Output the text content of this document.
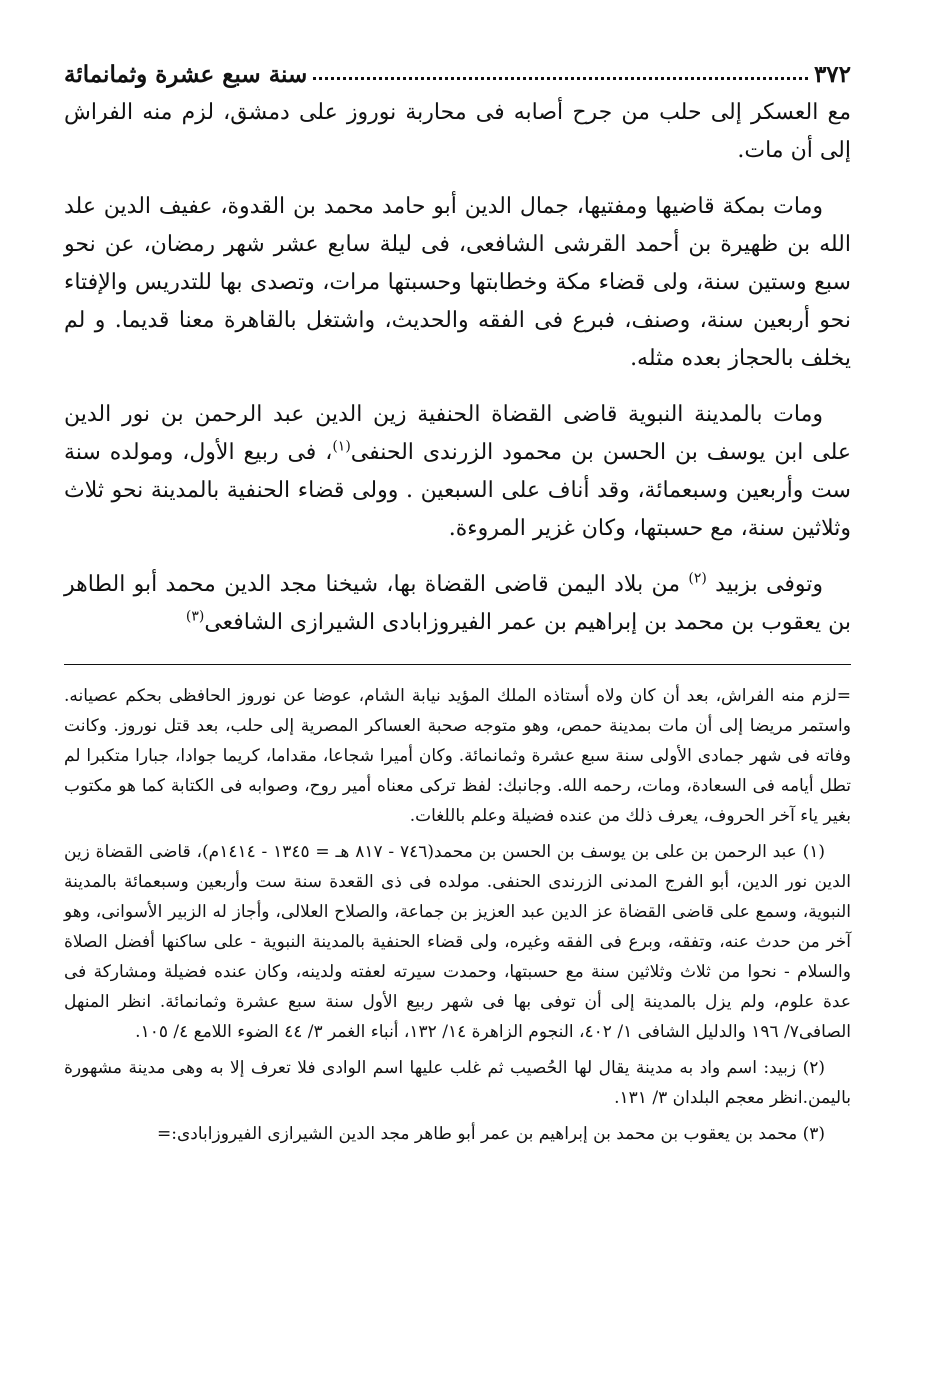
٣٧٢
سنة سبع عشرة وثمانمائة

مع العسكر إلى حلب من جرح أصابه فى محاربة نوروز على دمشق، لزم منه الفراش إلى أن مات.

ومات بمكة قاضيها ومفتيها، جمال الدين أبو حامد محمد بن القدوة، عفيف الدين علد الله بن ظهيرة بن أحمد القرشى الشافعى، فى ليلة سابع عشر شهر رمضان، عن نحو سبع وستين سنة، ولى قضاء مكة وخطابتها وحسبتها مرات، وتصدى بها للتدريس والإفتاء نحو أربعين سنة، وصنف، فبرع فى الفقه والحديث، واشتغل بالقاهرة معنا قديما. و لم يخلف بالحجاز بعده مثله.

ومات بالمدينة النبوية قاضى القضاة الحنفية زين الدين عبد الرحمن بن نور الدين على ابن يوسف بن الحسن بن محمود الزرندى الحنفى$^{(١)}$، فى ربيع الأول، ومولده سنة ست وأربعين وسبعمائة، وقد أناف على السبعين . وولى قضاء الحنفية بالمدينة نحو ثلاث وثلاثين سنة، مع حسبتها، وكان غزير المروءة.

وتوفى بزبيد $^{(٢)}$ من بلاد اليمن قاضى القضاة بها، شيخنا مجد الدين محمد أبو الطاهر بن يعقوب بن محمد بن إبراهيم بن عمر الفيروزابادى الشيرازى الشافعى$^{(٣)}$

=لزم منه الفراش، بعد أن كان ولاه أستاذه الملك المؤيد نيابة الشام، عوضا عن نوروز الحافظى بحكم عصيانه. واستمر مريضا إلى أن مات بمدينة حمص، وهو متوجه صحبة العساكر المصرية إلى حلب، بعد قتل نوروز. وكانت وفاته فى شهر جمادى الأولى سنة سبع عشرة وثمانمائة. وكان أميرا شجاعا، مقداما، كريما جوادا، جبارا متكبرا لم تطل أيامه فى السعادة، ومات، رحمه الله. وجانبك: لفظ تركى معناه أمير روح، وصوابه فى الكتابة كما هو مكتوب بغير ياء آخر الحروف، يعرف ذلك من عنده فضيلة وعلم باللغات.

(١) عبد الرحمن بن على بن يوسف بن الحسن بن محمد(٧٤٦ - ٨١٧ هـ = ١٣٤٥ - ١٤١٤م)، قاضى القضاة زين الدين نور الدين، أبو الفرج المدنى الزرندى الحنفى. مولده فى ذى القعدة سنة ست وأربعين وسبعمائة بالمدينة النبوية، وسمع على قاضى القضاة عز الدين عبد العزيز بن جماعة، والصلاح العلالى، وأجاز له الزبير الأسوانى، وهو آخر من حدث عنه، وتفقه، وبرع فى الفقه وغيره، ولى قضاء الحنفية بالمدينة النبوية - على ساكنها أفضل الصلاة والسلام - نحوا من ثلاث وثلاثين سنة مع حسبتها، وحمدت سيرته لعفته ولدينه، وكان عنده فضيلة ومشاركة فى عدة علوم، ولم يزل بالمدينة إلى أن توفى بها فى شهر ربيع الأول سنة سبع عشرة وثمانمائة. انظر المنهل الصافى٧/ ١٩٦ والدليل الشافى ١/ ٤٠٢، النجوم الزاهرة ١٤/ ١٣٢، أنباء الغمر ٣/ ٤٤ الضوء اللامع ٤/ ١٠٥.

(٢) زبيد: اسم واد به مدينة يقال لها الحُصيب ثم غلب عليها اسم الوادى فلا تعرف إلا به وهى مدينة مشهورة باليمن.انظر معجم البلدان ٣/ ١٣١.

(٣) محمد بن يعقوب بن محمد بن إبراهيم بن عمر أبو طاهر مجد الدين الشيرازى الفيروزابادى:=
